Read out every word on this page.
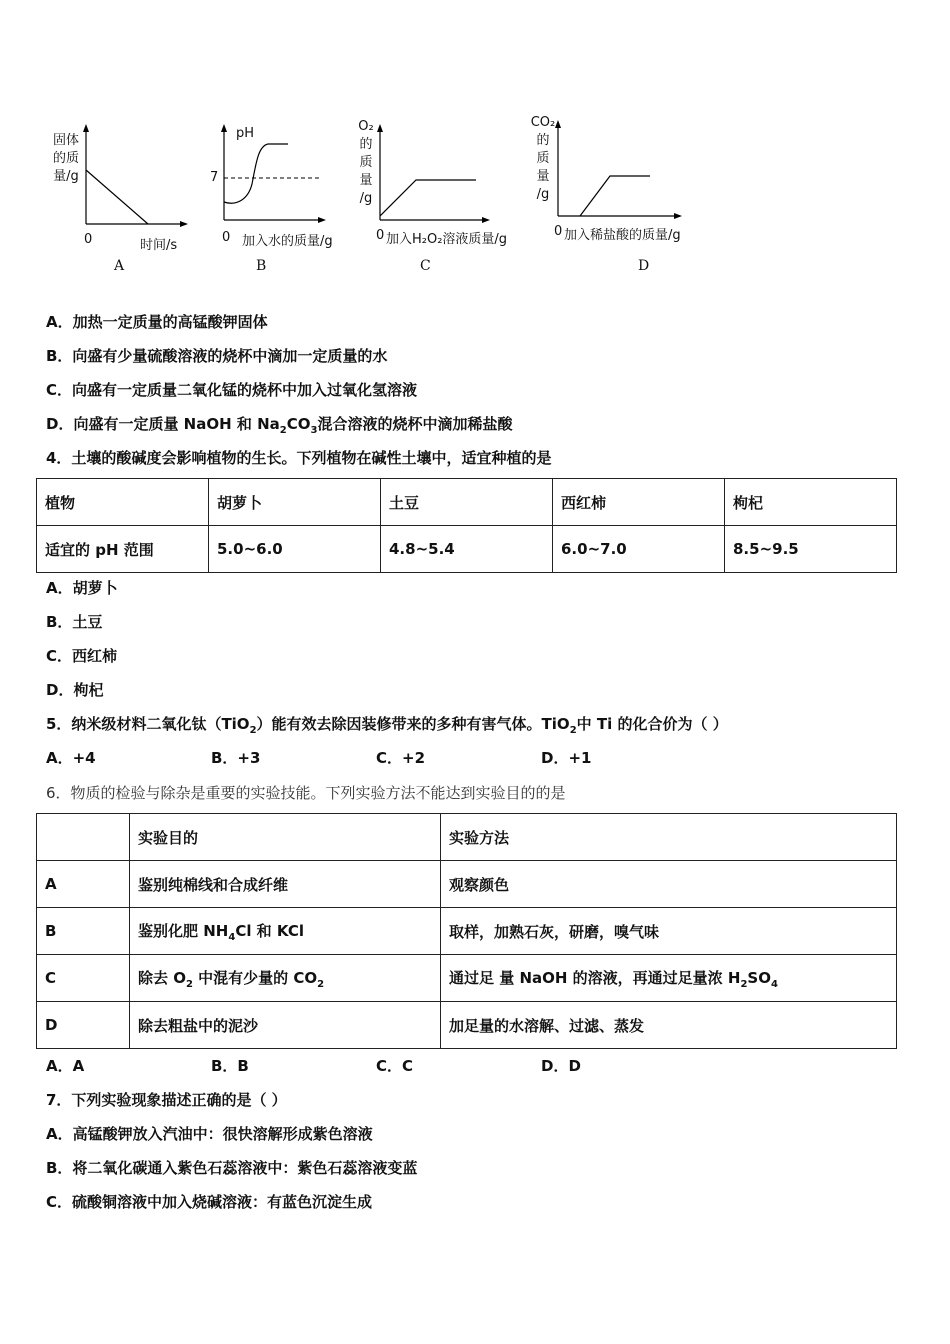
固体
的质
量/g
0	时间/s
A
pH
7
0 加入水的质量/g
B
O₂
的
质
量
/g
0 加入H₂O₂溶液质量/g
C
CO₂
的
质
量
/g
0 加入稀盐酸的质量/g
D
A．加热一定质量的高锰酸钾固体
B．向盛有少量硫酸溶液的烧杯中滴加一定质量的水
C．向盛有一定质量二氧化锰的烧杯中加入过氧化氢溶液
D．向盛有一定质量 NaOH 和 $Na_2CO_3$混合溶液的烧杯中滴加稀盐酸
4．土壤的酸碱度会影响植物的生长。下列植物在碱性土壤中，适宜种植的是
植物	胡萝卜	土豆	西红柿	枸杞
适宜的 pH 范围	5.0~6.0	4.8~5.4	6.0~7.0	8.5~9.5
A．胡萝卜
B．土豆
C．西红柿
D．枸杞
5．纳米级材料二氧化钛（TiO$_2$）能有效去除因装修带来的多种有害气体。TiO$_2$中 Ti 的化合价为（ ）
A．+4	B．+3	C．+2	D．+1
6．物质的检验与除杂是重要的实验技能。下列实验方法不能达到实验目的的是
	实验目的	实验方法
A	鉴别纯棉线和合成纤维	观察颜色
B	鉴别化肥 $NH_4Cl$ 和 KCl	取样，加熟石灰，研磨，嗅气味
C	除去 $O_2$ 中混有少量的 $CO_2$	通过足 量 NaOH 的溶液，再通过足量浓 $H_2SO_4$
D	除去粗盐中的泥沙	加足量的水溶解、过滤、蒸发
A．A	B．B	C．C	D．D
7．下列实验现象描述正确的是（ ）
A．高锰酸钾放入汽油中：很快溶解形成紫色溶液
B．将二氧化碳通入紫色石蕊溶液中：紫色石蕊溶液变蓝
C．硫酸铜溶液中加入烧碱溶液：有蓝色沉淀生成
